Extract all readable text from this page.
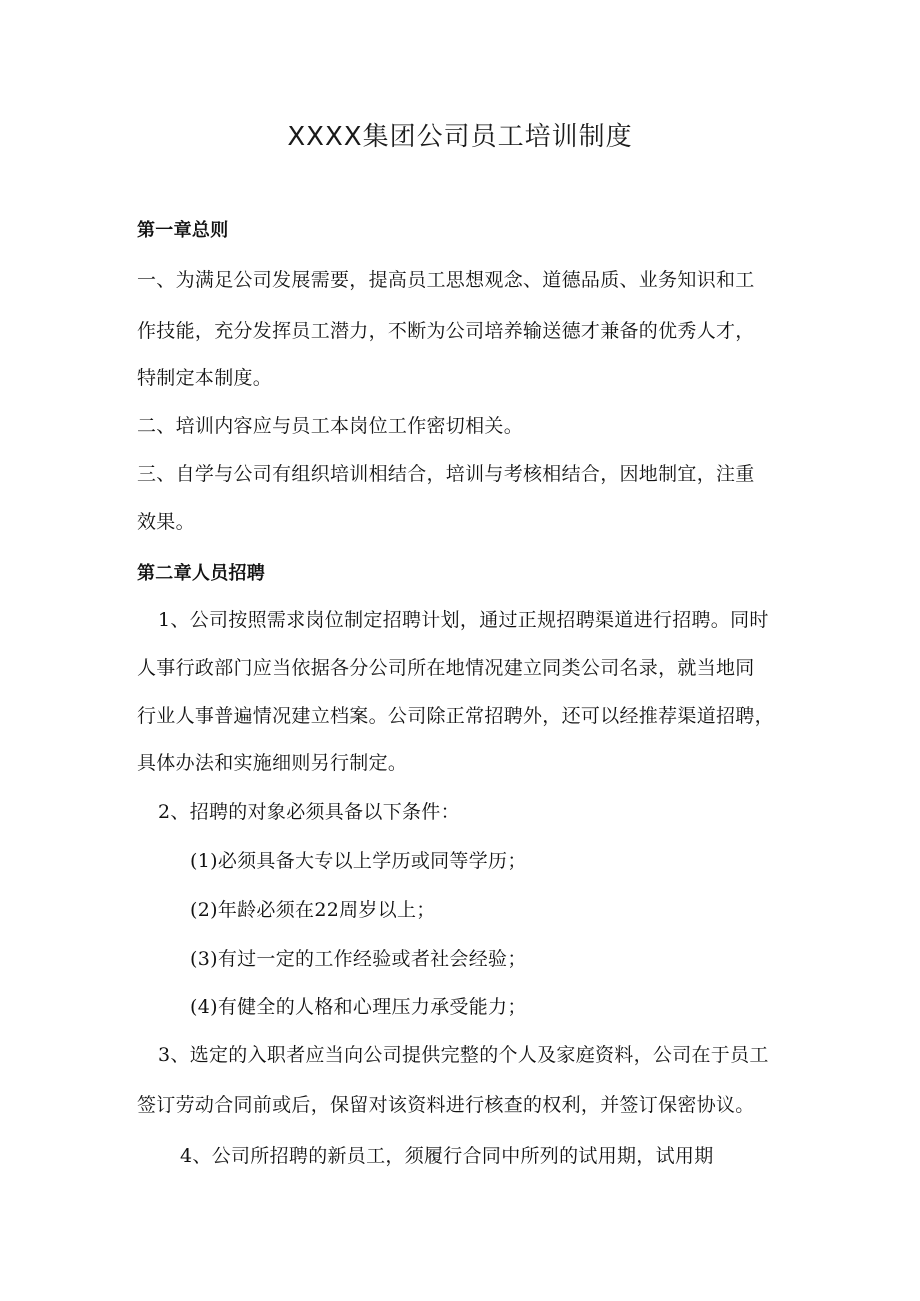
XXXX集团公司员工培训制度
第一章总则
一、为满足公司发展需要，提高员工思想观念、道德品质、业务知识和工
作技能，充分发挥员工潜力，不断为公司培养输送德才兼备的优秀人才，
特制定本制度。
二、培训内容应与员工本岗位工作密切相关。
三、自学与公司有组织培训相结合，培训与考核相结合，因地制宜，注重
效果。
第二章人员招聘
1、公司按照需求岗位制定招聘计划，通过正规招聘渠道进行招聘。同时
人事行政部门应当依据各分公司所在地情况建立同类公司名录，就当地同
行业人事普遍情况建立档案。公司除正常招聘外，还可以经推荐渠道招聘，
具体办法和实施细则另行制定。
2、招聘的对象必须具备以下条件：
(1)必须具备大专以上学历或同等学历；
(2)年龄必须在22周岁以上；
(3)有过一定的工作经验或者社会经验；
(4)有健全的人格和心理压力承受能力；
3、选定的入职者应当向公司提供完整的个人及家庭资料，公司在于员工
签订劳动合同前或后，保留对该资料进行核查的权利，并签订保密协议。
4、公司所招聘的新员工，须履行合同中所列的试用期，试用期
